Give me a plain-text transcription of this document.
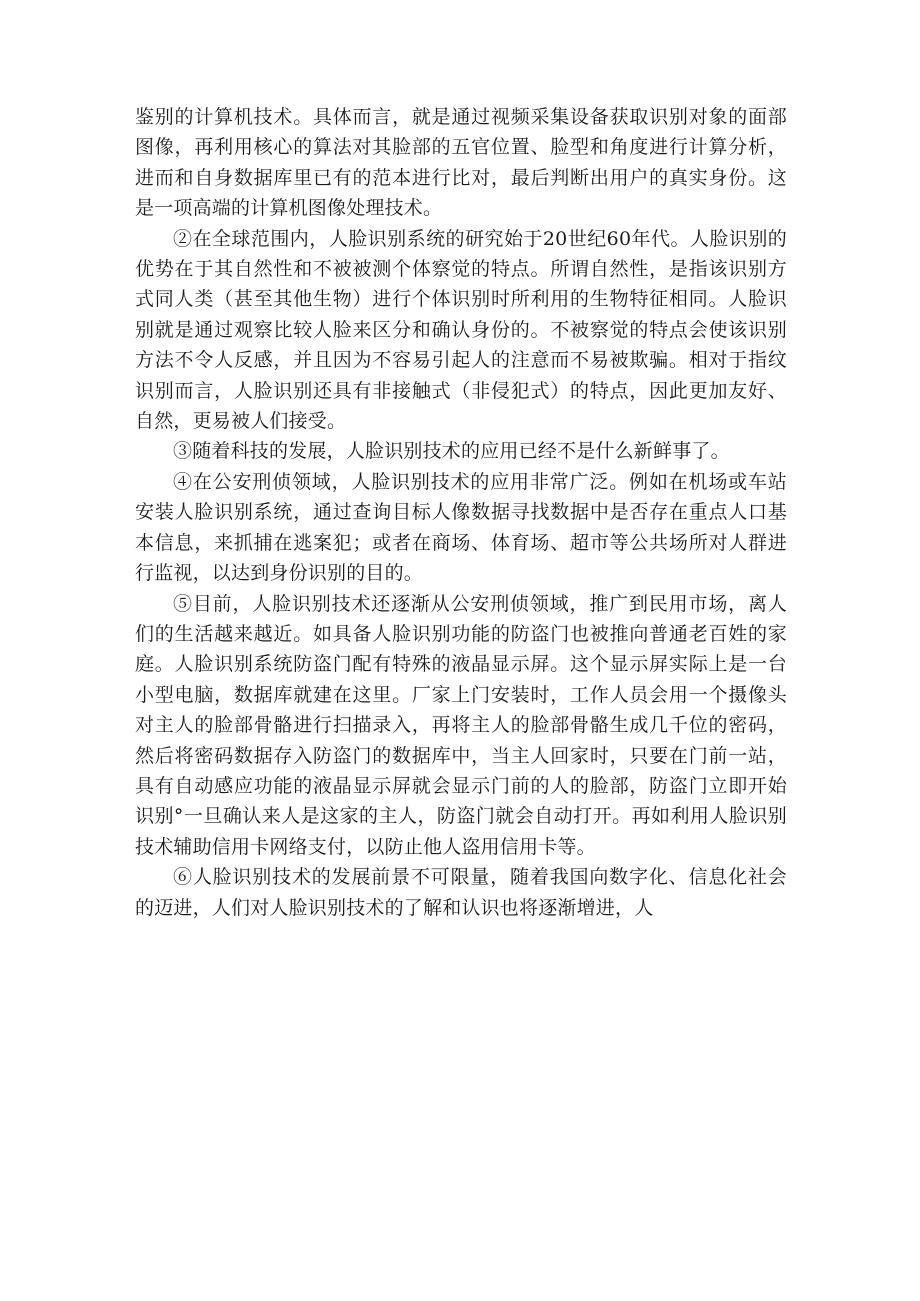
鉴别的计算机技术。具体而言，就是通过视频采集设备获取识别对象的面部图像，再利用核心的算法对其脸部的五官位置、脸型和角度进行计算分析，进而和自身数据库里已有的范本进行比对，最后判断出用户的真实身份。这是一项高端的计算机图像处理技术。

②在全球范围内，人脸识别系统的研究始于20世纪60年代。人脸识别的优势在于其自然性和不被被测个体察觉的特点。所谓自然性，是指该识别方式同人类（甚至其他生物）进行个体识别时所利用的生物特征相同。人脸识别就是通过观察比较人脸来区分和确认身份的。不被察觉的特点会使该识别方法不令人反感，并且因为不容易引起人的注意而不易被欺骗。相对于指纹识别而言，人脸识别还具有非接触式（非侵犯式）的特点，因此更加友好、自然，更易被人们接受。

③随着科技的发展，人脸识别技术的应用已经不是什么新鲜事了。

④在公安刑侦领域，人脸识别技术的应用非常广泛。例如在机场或车站安装人脸识别系统，通过查询目标人像数据寻找数据中是否存在重点人口基本信息，来抓捕在逃案犯；或者在商场、体育场、超市等公共场所对人群进行监视，以达到身份识别的目的。

⑤目前，人脸识别技术还逐渐从公安刑侦领域，推广到民用市场，离人们的生活越来越近。如具备人脸识别功能的防盗门也被推向普通老百姓的家庭。人脸识别系统防盗门配有特殊的液晶显示屏。这个显示屏实际上是一台小型电脑，数据库就建在这里。厂家上门安装时，工作人员会用一个摄像头对主人的脸部骨骼进行扫描录入，再将主人的脸部骨骼生成几千位的密码，然后将密码数据存入防盗门的数据库中，当主人回家时，只要在门前一站，具有自动感应功能的液晶显示屏就会显示门前的人的脸部，防盗门立即开始识别°一旦确认来人是这家的主人，防盗门就会自动打开。再如利用人脸识别技术辅助信用卡网络支付，以防止他人盗用信用卡等。

⑥人脸识别技术的发展前景不可限量，随着我国向数字化、信息化社会的迈进，人们对人脸识别技术的了解和认识也将逐渐增进，人
